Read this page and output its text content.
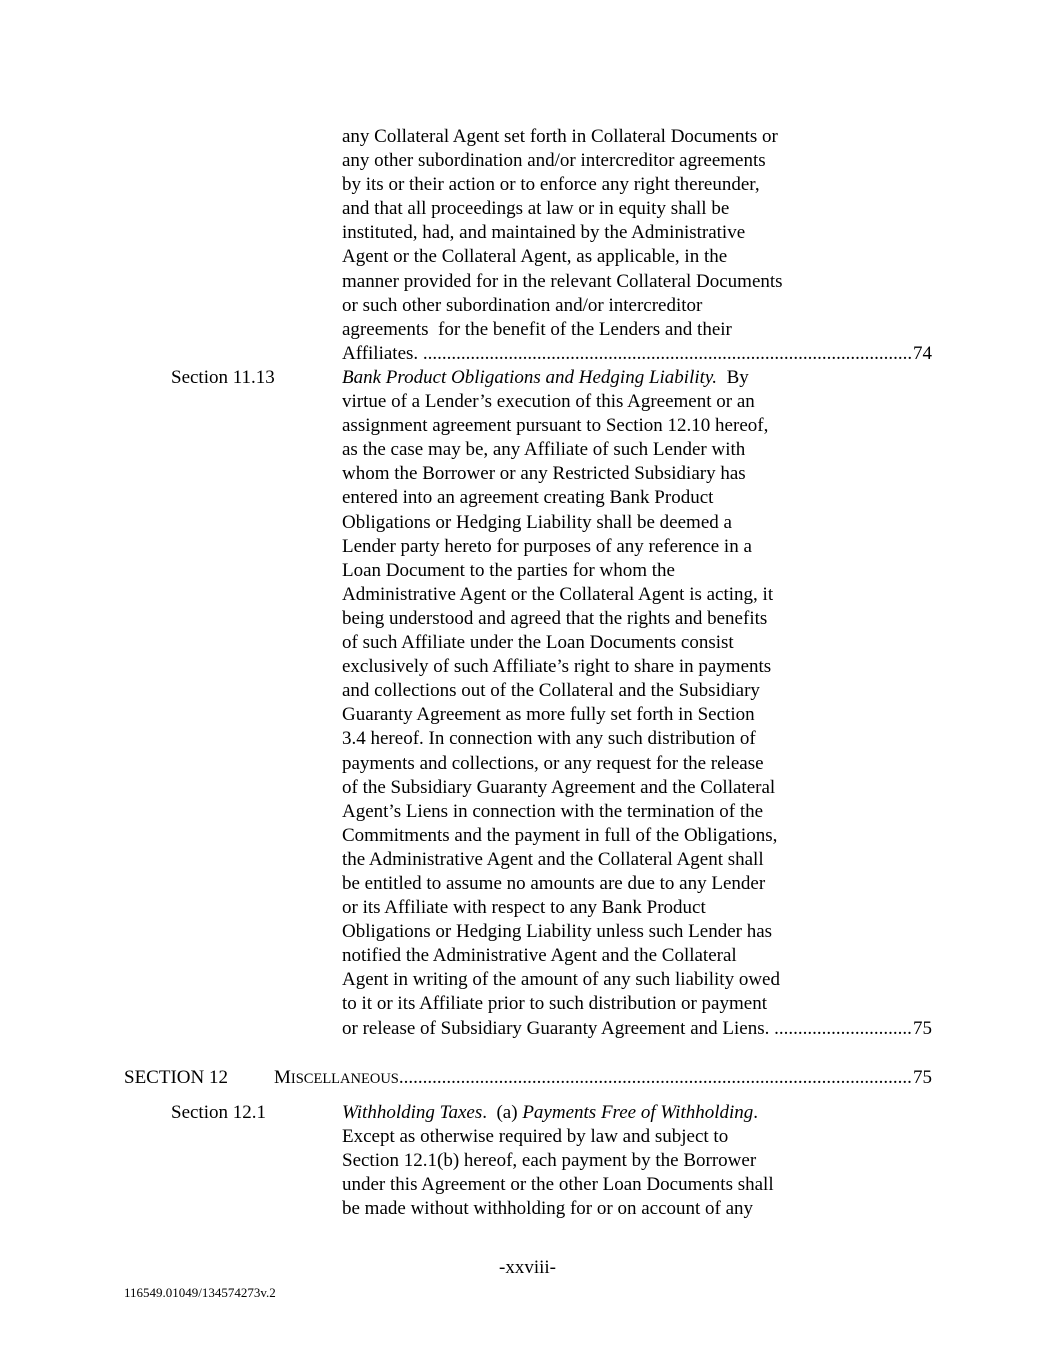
any Collateral Agent set forth in Collateral Documents or
any other subordination and/or intercreditor agreements
by its or their action or to enforce any right thereunder,
and that all proceedings at law or in equity shall be
instituted, had, and maintained by the Administrative
Agent or the Collateral Agent, as applicable, in the
manner provided for in the relevant Collateral Documents
or such other subordination and/or intercreditor
agreements  for the benefit of the Lenders and their
Affiliates. .....	74
Section 11.13	Bank Product Obligations and Hedging Liability.  By
virtue of a Lender’s execution of this Agreement or an
assignment agreement pursuant to Section 12.10 hereof,
as the case may be, any Affiliate of such Lender with
whom the Borrower or any Restricted Subsidiary has
entered into an agreement creating Bank Product
Obligations or Hedging Liability shall be deemed a
Lender party hereto for purposes of any reference in a
Loan Document to the parties for whom the
Administrative Agent or the Collateral Agent is acting, it
being understood and agreed that the rights and benefits
of such Affiliate under the Loan Documents consist
exclusively of such Affiliate’s right to share in payments
and collections out of the Collateral and the Subsidiary
Guaranty Agreement as more fully set forth in Section
3.4 hereof. In connection with any such distribution of
payments and collections, or any request for the release
of the Subsidiary Guaranty Agreement and the Collateral
Agent’s Liens in connection with the termination of the
Commitments and the payment in full of the Obligations,
the Administrative Agent and the Collateral Agent shall
be entitled to assume no amounts are due to any Lender
or its Affiliate with respect to any Bank Product
Obligations or Hedging Liability unless such Lender has
notified the Administrative Agent and the Collateral
Agent in writing of the amount of any such liability owed
to it or its Affiliate prior to such distribution or payment
or release of Subsidiary Guaranty Agreement and Liens. .....	75
SECTION 12	MISCELLANEOUS .....	75
Section 12.1	Withholding Taxes.  (a) Payments Free of Withholding.
Except as otherwise required by law and subject to
Section 12.1(b) hereof, each payment by the Borrower
under this Agreement or the other Loan Documents shall
be made without withholding for or on account of any
-xxviii-
116549.01049/134574273v.2
